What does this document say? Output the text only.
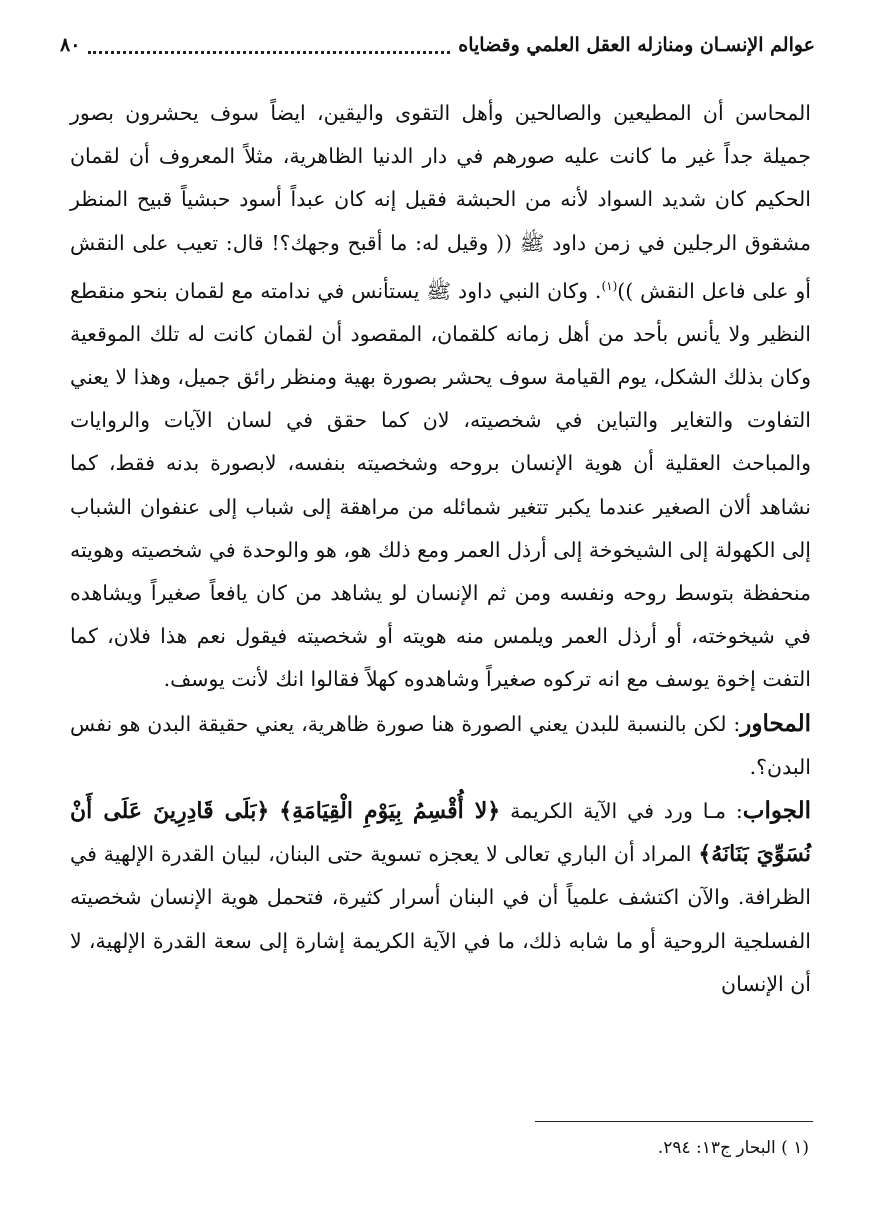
٨٠	عوالم الإنسـان ومنازله العقل العلمي وقضاياه

المحاسن أن المطيعين والصالحين وأهل التقوى واليقين، ايضاً سوف يحشرون بصور جميلة جداً غير ما كانت عليه صورهم في دار الدنيا الظاهرية، مثلاً المعروف أن لقمان الحكيم كان شديد السواد لأنه من الحبشة فقيل إنه كان عبداً أسود حبشياً قبيح المنظر مشقوق الرجلين في زمن داود ﷺ (( وقيل له: ما أقبح وجهك؟! قال: تعيب على النقش أو على فاعل النقش ))$^{(١)}$. وكان النبي داود ﷺ يستأنس في ندامته مع لقمان بنحو منقطع النظير ولا يأنس بأحد من أهل زمانه كلقمان، المقصود أن لقمان كانت له تلك الموقعية وكان بذلك الشكل، يوم القيامة سوف يحشر بصورة بهية ومنظر رائق جميل، وهذا لا يعني التفاوت والتغاير والتباين في شخصيته، لان كما حقق في لسان الآيات والروايات والمباحث العقلية أن هوية الإنسان بروحه وشخصيته بنفسه، لابصورة بدنه فقط، كما نشاهد ألان الصغير عندما يكبر تتغير شمائله من مراهقة إلى شباب إلى عنفوان الشباب إلى الكهولة إلى الشيخوخة إلى أرذل العمر ومع ذلك هو، هو والوحدة في شخصيته وهويته منحفظة بتوسط روحه ونفسه ومن ثم الإنسان لو يشاهد من كان يافعاً صغيراً ويشاهده في شيخوخته، أو أرذل العمر ويلمس منه هويته أو شخصيته فيقول نعم هذا فلان، كما التفت إخوة يوسف مع انه تركوه صغيراً وشاهدوه كهلاً فقالوا انك لأنت يوسف.

المحاور: لكن بالنسبة للبدن يعني الصورة هنا صورة ظاهرية، يعني حقيقة البدن هو نفس البدن؟.

الجواب: مـا ورد في الآية الكريمة ﴿لا أُقْسِمُ بِيَوْمِ الْقِيَامَةِ﴾ ﴿بَلَى قَادِرِينَ عَلَى أَنْ نُسَوِّيَ بَنَانَهُ﴾ المراد أن الباري تعالى لا يعجزه تسوية حتى البنان، لبيان القدرة الإلهية في الظرافة. والآن اكتشف علمياً أن في البنان أسرار كثيرة، فتحمل هوية الإنسان شخصيته الفسلجية الروحية أو ما شابه ذلك، ما في الآية الكريمة إشارة إلى سعة القدرة الإلهية، لا أن الإنسان

(١ ) البحار ج١٣: ٢٩٤.
